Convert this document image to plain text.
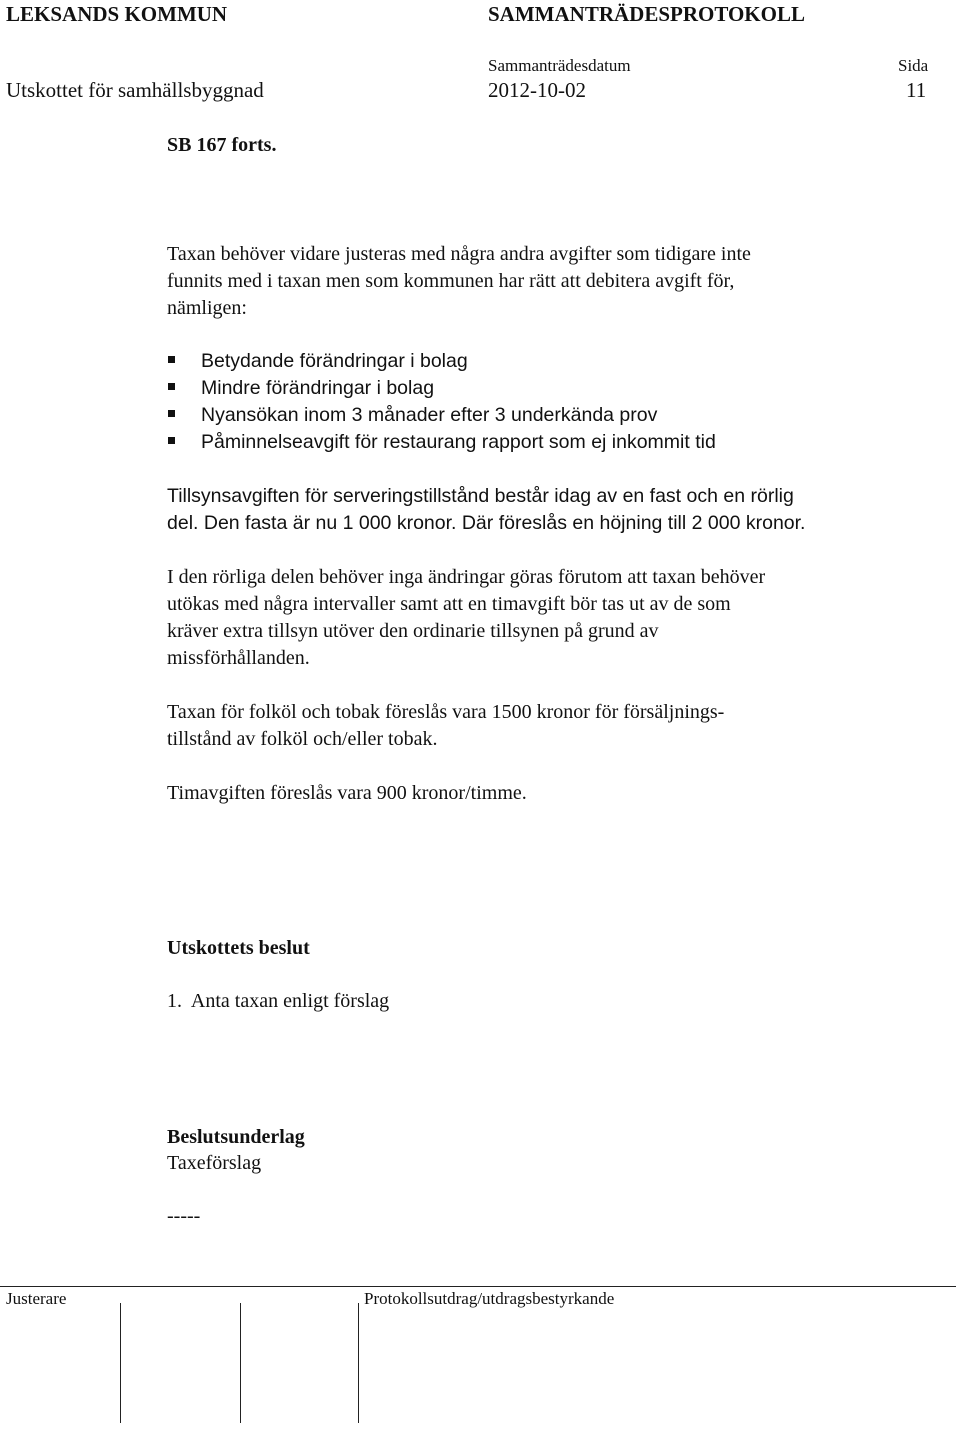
LEKSANDS KOMMUN	SAMMANTRÄDESPROTOKOLL
Sammanträdesdatum	Sida
Utskottet för samhällsbyggnad	2012-10-02	11
SB 167 forts.

Taxan behöver vidare justeras med några andra avgifter som tidigare inte
funnits med i taxan men som kommunen har rätt att debitera avgift för,
nämligen:

Betydande förändringar i bolag
Mindre förändringar i bolag
Nyansökan inom 3 månader efter 3 underkända prov
Påminnelseavgift för restaurang rapport som ej inkommit tid

Tillsynsavgiften för serveringstillstånd består idag av en fast och en rörlig
del. Den fasta är nu 1 000 kronor. Där föreslås en höjning till 2 000 kronor.

I den rörliga delen behöver inga ändringar göras förutom att taxan behöver
utökas med några intervaller samt att en timavgift bör tas ut av de som
kräver extra tillsyn utöver den ordinarie tillsynen på grund av
missförhållanden.

Taxan för folköl och tobak föreslås vara 1500 kronor för försäljnings-
tillstånd av folköl och/eller tobak.

Timavgiften föreslås vara 900 kronor/timme.

Utskottets beslut
1.  Anta taxan enligt förslag
Beslutsunderlag
Taxeförslag
-----
Justerare	Protokollsutdrag/utdragsbestyrkande
